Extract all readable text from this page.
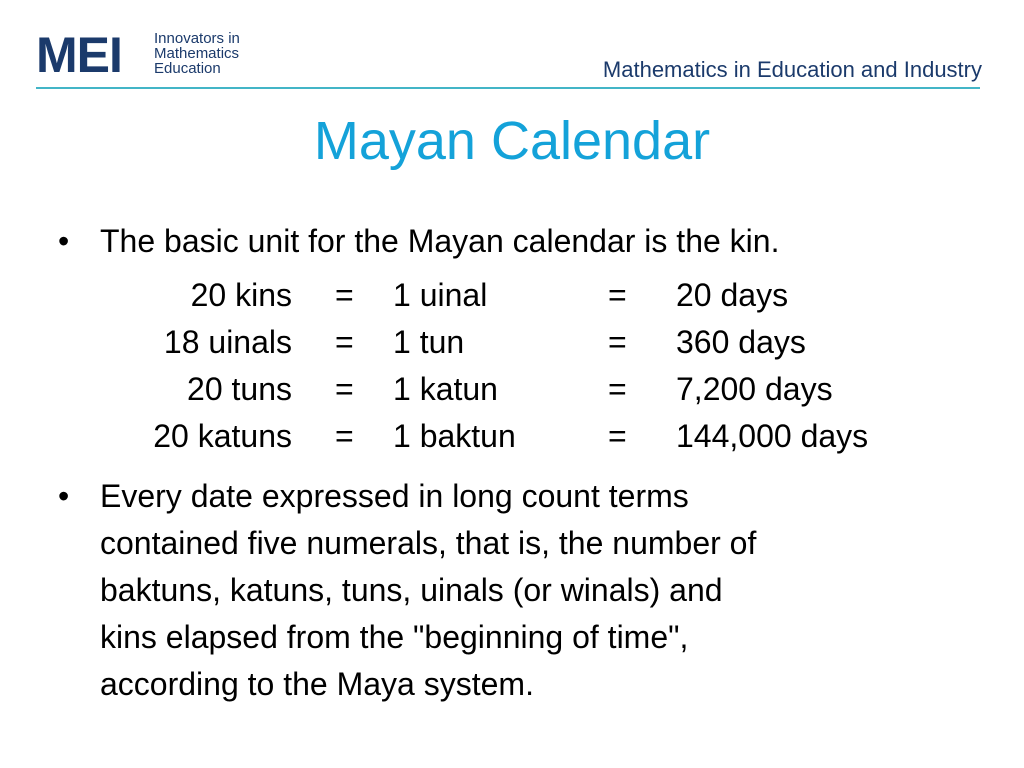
MEI Innovators in
Mathematics
Education	Mathematics in Education and Industry
Mayan Calendar
• The basic unit for the Mayan calendar is the kin.
20 kins = 1 uinal	= 20 days
18 uinals = 1 tun	= 360 days
20 tuns = 1 katun	= 7,200 days
20 katuns = 1 baktun	= 144,000 days
• Every date expressed in long count terms
contained five numerals, that is, the number of
baktuns, katuns, tuns, uinals (or winals) and
kins elapsed from the "beginning of time",
according to the Maya system.
